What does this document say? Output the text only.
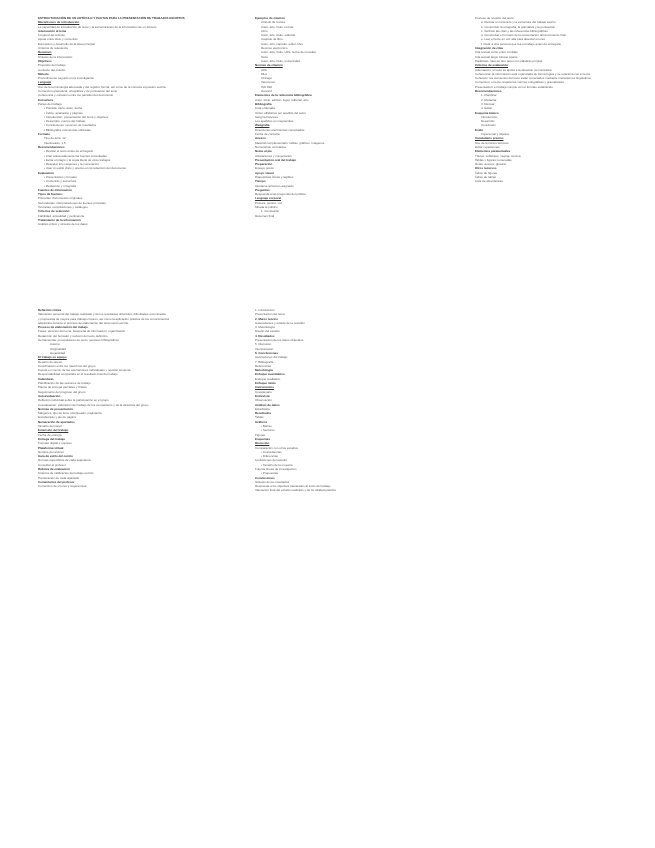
ESTRUCTURACIÓN DE UN ARTÍCULO Y PAUTAS PARA LA PRESENTACIÓN DE TRABAJOS ESCRITOS
Mecanismos de introducción
La capacidad de introducción de texto y la estructuración de la información de un artículo
Adecuación al tema
Longitud del artículo
Ajuste entre título y contenido
Exposición y desarrollo de la idea principal
Criterios de relevancia
Resumen
Síntesis de la información
Objetivos
Propósito del trabajo
Contexto del estudio
Método
Procedimiento seguido en la investigación
Lenguaje
Uso de la terminología adecuada y del registro formal, así como de la correcta expresión escrita
Corrección gramatical, ortográfica y de puntuación del texto
Coherencia y cohesión entre los párrafos del documento
Estructura
Partes del trabajo:
• Portada: título, autor, fecha
• Índice: apartados y páginas
• Introducción: presentación del tema y objetivos
• Desarrollo: cuerpo del trabajo
• Conclusiones: resumen de resultados
• Bibliografía: referencias utilizadas
Formato
Tipo de letra: 12
Interlineado: 1,5
Recomendaciones
• Revisar el texto antes de entregarlo
• Citar adecuadamente las fuentes consultadas
• Evitar el plagio y la copia literal de otros trabajos
• Respetar los márgenes y la numeración
• Usar un estilo claro y preciso en la redacción del documento
Evaluación
• Presentación y formato
• Contenido y estructura
• Redacción y ortografía
Fuentes de información
Tipos de fuentes:
Primarias: documentos originales
Secundarias: interpretaciones de fuentes primarias
Terciarias: recopilaciones y catálogos
Criterios de selección:
Fiabilidad, actualidad y pertinencia
Tratamiento de la información
Análisis crítico y síntesis de los datos
Ejemplos de citación
Artículo de revista
Autor, año, título, revista
Libro
Autor, año, título, editorial
Capítulo de libro
Autor, año, capítulo, editor, libro
Recurso electrónico
Autor, año, título, URL, fecha de consulta
Tesis
Autor, año, título, universidad
Normas de citación
APA
MLA
Chicago
Vancouver
ISO 690
Harvard
Elementos de la referencia bibliográfica
Autor, título, edición, lugar, editorial, año
Bibliografía
Lista ordenada
Orden alfabético por apellido del autor
Sangría francesa
Los apellidos en mayúsculas
Webgrafía
Direcciones electrónicas consultadas
Fecha de consulta
Anexos
Material complementario: tablas, gráficos, imágenes
Numeración correlativa
Notas al pie
Aclaraciones y comentarios
Presentación oral del trabajo
Preparación
Ensayo previo
Apoyo visual
Diapositivas claras y legibles
Tiempo
Ajustarse al tiempo asignado
Preguntas
Respuesta a las preguntas del público
Lenguaje corporal
Postura, gestos, voz
Mirada al público
1. Conclusión
Resumen final
Proceso de revisión del texto
a. Revisar el contenido y la estructura del trabajo escrito
b. Comprobar la ortografía, la gramática y la puntuación
c. Verificar las citas y las referencias bibliográficas
d. Comprobar el formato de la presentación del documento final
e. Leer el texto en voz alta para detectar errores
f. Pedir a otra persona que lea el trabajo antes de entregarlo
Integración de citas
Cita textual corta: entre comillas
Cita textual larga: bloque aparte
Paráfrasis: idea de otro autor con palabras propias
Criterios de evaluación
Adecuación: el texto se ajusta a la situación comunicativa
Coherencia: la información está organizada de forma lógica y se relaciona con el tema
Cohesión: los elementos del texto están conectados mediante mecanismos lingüísticos
Corrección: el texto respeta las normas ortográficas y gramaticales
Presentación: el trabajo cumple con el formato establecido
Recomendaciones
1. Planificar
2. Redactar
3. Revisar
4. Editar
Esquema básico
Introducción
Desarrollo
Conclusión
Estilo
Impersonal y objetivo
Vocabulario preciso
Uso de términos técnicos
Evitar repeticiones
Elementos paratextuales
Títulos, subtítulos, negrita, cursiva
Tablas y figuras numeradas
Notas, anexos, glosario
Otros recursos
Índice de figuras
Índice de tablas
Lista de abreviaturas
Reflexión crítica
Valoración personal del trabajo realizado y de los resultados obtenidos, dificultades encontradas
y propuestas de mejora para trabajos futuros, así como la aplicación práctica de los conocimientos
adquiridos durante el proceso de elaboración del documento escrito.
Proceso de elaboración del trabajo
Fases: elección del tema, búsqueda de información, organización
Redacción del borrador y revisión del texto definitivo
Herramientas: procesadores de texto, gestores bibliográficos
Autoría
Originalidad
Honestidad
El trabajo en equipo
Reparto de tareas
Coordinación entre los miembros del grupo
Puesta en común de las aportaciones individuales y revisión conjunta
Responsabilidad compartida en el resultado final del trabajo
Calendario
Planificación de las sesiones de trabajo
Plazos de entrega parciales y finales
Seguimiento del progreso del grupo
Autoevaluación
Reflexión individual sobre la participación en el grupo
Coevaluación: valoración del trabajo de los compañeros y de la dinámica del grupo
Normas de presentación
Márgenes, tipo de letra, interlineado, paginación
Encabezado y pie de página
Numeración de apartados
Tamaño del papel
Extensión del trabajo
Fecha de entrega
Entrega del trabajo
Formato digital o impreso
Plataforma virtual
Nombre del archivo
Guía de estilo del centro
Normas específicas de cada asignatura
Consultar al profesor
Rúbrica de evaluación
Criterios de calificación del trabajo escrito
Ponderación de cada apartado
Comentarios del profesor
Corrección de errores y sugerencias
1. Introducción
Presentación del tema
2. Marco teórico
Antecedentes y estado de la cuestión
3. Metodología
Diseño del estudio
4. Resultados
Presentación de los datos obtenidos
5. Discusión
Interpretación
6. Conclusiones
Aportaciones del trabajo
7. Bibliografía
Referencias
Metodología
Enfoque cuantitativo
Enfoque cualitativo
Enfoque mixto
Instrumentos
Cuestionario
Entrevista
Observación
Análisis de datos
Estadística
Resultados
Tablas
Gráficos
• Barras
• Sectores
Figuras
Esquemas
Discusión
Comparación con otros estudios
• Coincidencias
• Diferencias
Limitaciones del estudio
• Tamaño de la muestra
Futuras líneas de investigación
• Propuestas
Conclusiones
Síntesis de los resultados
Respuesta a los objetivos planteados al inicio del trabajo
Valoración final del estudio realizado y de su utilidad práctica
